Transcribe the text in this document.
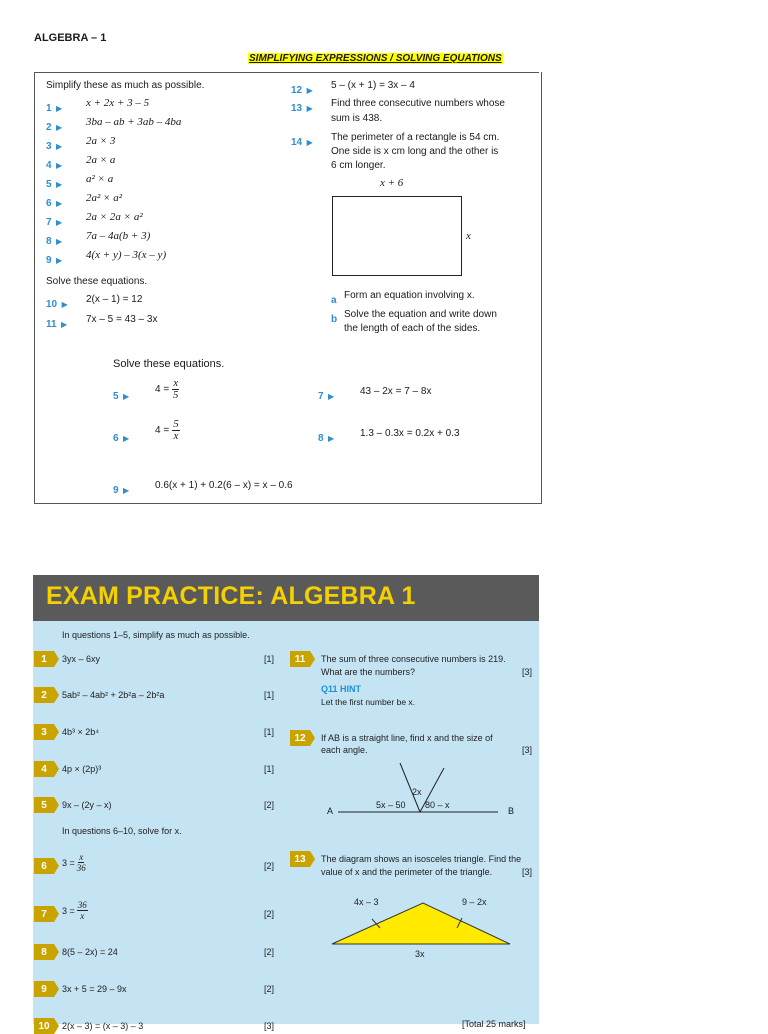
ALGEBRA – 1
SIMPLIFYING EXPRESSIONS / SOLVING EQUATIONS
Simplify these as much as possible.
1 ▶ x + 2x + 3 – 5
2 ▶ 3ba – ab + 3ab – 4ba
3 ▶ 2a × 3
4 ▶ 2a × a
5 ▶ a² × a
6 ▶ 2a² × a²
7 ▶ 2a × 2a × a²
8 ▶ 7a – 4a(b + 3)
9 ▶ 4(x + y) – 3(x – y)
Solve these equations.
10 ▶ 2(x – 1) = 12
11 ▶ 7x – 5 = 43 – 3x
12 ▶ 5 – (x + 1) = 3x – 4
13 ▶ Find three consecutive numbers whose
sum is 438.
14 ▶ The perimeter of a rectangle is 54 cm.
One side is x cm long and the other is
6 cm longer.
x + 6
x
a Form an equation involving x.
b Solve the equation and write down
the length of each of the sides.
Solve these equations.
5 ▶
$4 = \frac{x}{5}$	7 ▶	43 – 2x = 7 – 8x
6 ▶
$4 = \frac{5}{x}$	8 ▶	1.3 – 0.3x = 0.2x + 0.3
9 ▶	0.6(x + 1) + 0.2(6 – x) = x – 0.6
EXAM PRACTICE: ALGEBRA 1
In questions 1–5, simplify as much as possible.
In questions 6–10, solve for x.
1	3yx – 6xy	[1]
2	5ab² – 4ab² + 2b²a – 2b²a	[1]
3	4b³ × 2b⁴	[1]
4	4p × (2p)³	[1]
5	9x – (2y – x)	[2]
6	$3 = \frac{x}{36}$	[2]
7	$3 = \frac{36}{x}$	[2]
8	8(5 – 2x) = 24	[2]
9	3x + 5 = 29 – 9x	[2]
10	2(x – 3) = (x – 3) – 3	[3]
11	The sum of three consecutive numbers is 219.
What are the numbers?	[3]
Q11 HINT
Let the first number be x.
12	If AB is a straight line, find x and the size of
each angle.	[3]
A	B
5x – 50
2x
80 – x
13	The diagram shows an isosceles triangle. Find the
value of x and the perimeter of the triangle.	[3]
4x – 3	9 – 2x
3x
[Total 25 marks]
